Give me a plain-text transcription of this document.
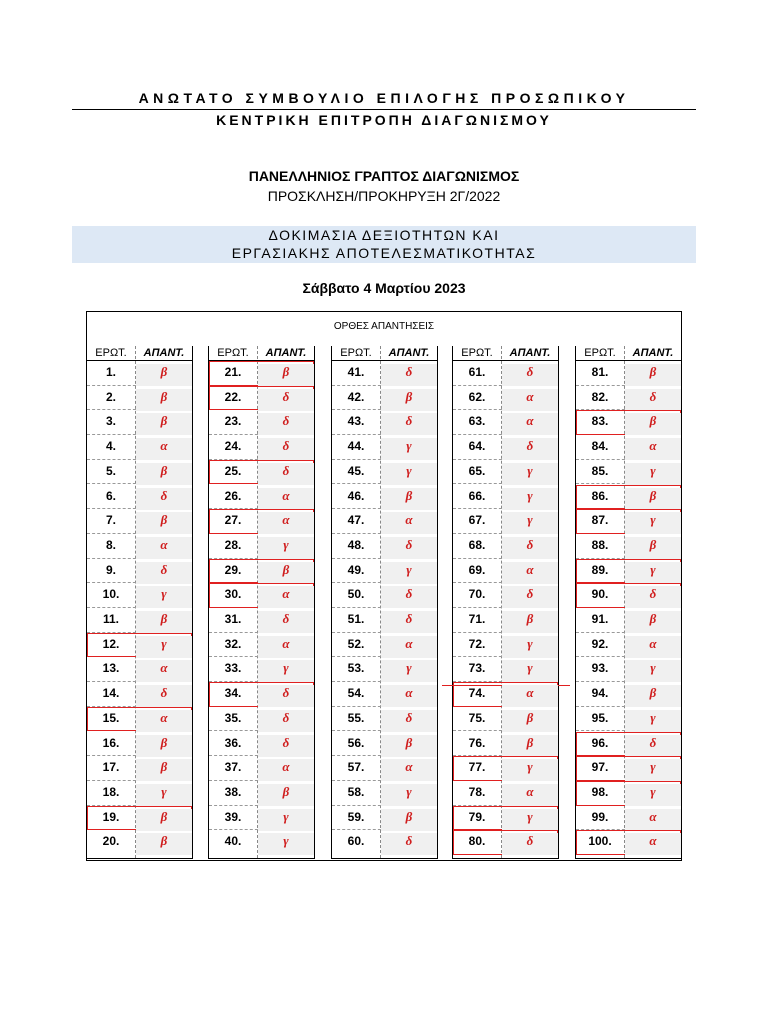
ΑΝΩΤΑΤΟ ΣΥΜΒΟΥΛΙΟ ΕΠΙΛΟΓΗΣ ΠΡΟΣΩΠΙΚΟΥ
ΚΕΝΤΡΙΚΗ ΕΠΙΤΡΟΠΗ ΔΙΑΓΩΝΙΣΜΟΥ
ΠΑΝΕΛΛΗΝΙΟΣ ΓΡΑΠΤΟΣ ΔΙΑΓΩΝΙΣΜΟΣ
ΠΡΟΣΚΛΗΣΗ/ΠΡΟΚΗΡΥΞΗ 2Γ/2022
ΔΟΚΙΜΑΣΙΑ ΔΕΞΙΟΤΗΤΩΝ ΚΑΙ
ΕΡΓΑΣΙΑΚΗΣ ΑΠΟΤΕΛΕΣΜΑΤΙΚΟΤΗΤΑΣ
Σάββατο 4 Μαρτίου 2023
ΟΡΘΕΣ ΑΠΑΝΤΗΣΕΙΣ
ΕΡΩΤ.	ΑΠΑΝΤ.
1.	β
2.	β
3.	β
4.	α
5.	β
6.	δ
7.	β
8.	α
9.	δ
10.	γ
11.	β
12.	γ
13.	α
14.	δ
15.	α
16.	β
17.	β
18.	γ
19.	β
20.	β
ΕΡΩΤ.	ΑΠΑΝΤ.
21.	β
22.	δ
23.	δ
24.	δ
25.	δ
26.	α
27.	α
28.	γ
29.	β
30.	α
31.	δ
32.	α
33.	γ
34.	δ
35.	δ
36.	δ
37.	α
38.	β
39.	γ
40.	γ
ΕΡΩΤ.	ΑΠΑΝΤ.
41.	δ
42.	β
43.	δ
44.	γ
45.	γ
46.	β
47.	α
48.	δ
49.	γ
50.	δ
51.	δ
52.	α
53.	γ
54.	α
55.	δ
56.	β
57.	α
58.	γ
59.	β
60.	δ
ΕΡΩΤ.	ΑΠΑΝΤ.
61.	δ
62.	α
63.	α
64.	δ
65.	γ
66.	γ
67.	γ
68.	δ
69.	α
70.	δ
71.	β
72.	γ
73.	γ
74.	α
75.	β
76.	β
77.	γ
78.	α
79.	γ
80.	δ
ΕΡΩΤ.	ΑΠΑΝΤ.
81.	β
82.	δ
83.	β
84.	α
85.	γ
86.	β
87.	γ
88.	β
89.	γ
90.	δ
91.	β
92.	α
93.	γ
94.	β
95.	γ
96.	δ
97.	γ
98.	γ
99.	α
100.	α
